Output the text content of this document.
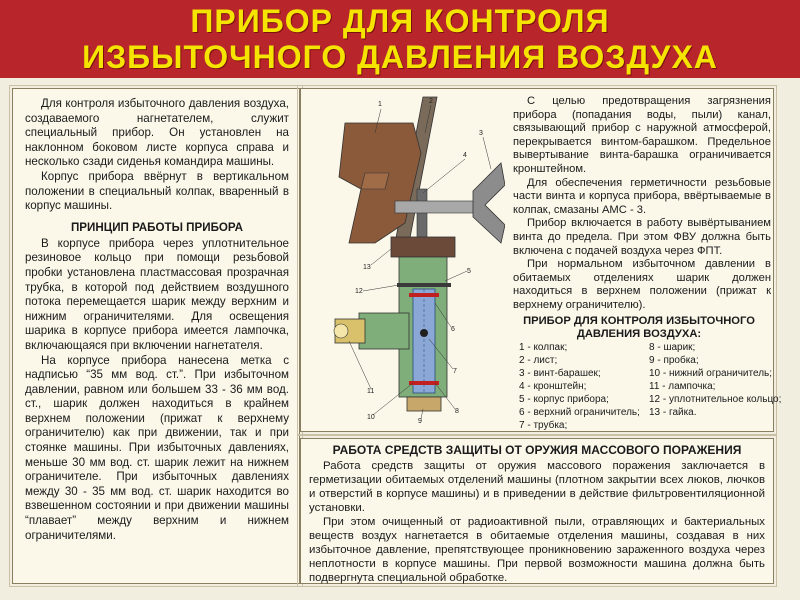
ПРИБОР ДЛЯ КОНТРОЛЯ
ИЗБЫТОЧНОГО ДАВЛЕНИЯ ВОЗДУХА

Для контроля избыточного давления воздуха, создаваемого нагнетателем, служит специальный прибор. Он установлен на наклонном боковом листе корпуса справа и несколько сзади сиденья командира машины.

Корпус прибора ввёрнут в вертикальном положении в специальный колпак, вваренный в корпус машины.

ПРИНЦИП РАБОТЫ ПРИБОРА

В корпусе прибора через уплотнительное резиновое кольцо при помощи резьбовой пробки установлена пластмассовая прозрачная трубка, в которой под действием воздушного потока перемещается шарик между верхним и нижним ограничителями. Для освещения шарика в корпусе прибора имеется лампочка, включающаяся при включении нагнетателя.

На корпусе прибора нанесена метка с надписью “35 мм вод. ст.”. При избыточном давлении, равном или большем 33 - 36 мм вод. ст., шарик должен находиться в крайнем верхнем положении (прижат к верхнему ограничителю) как при движении, так и при стоянке машины. При избыточных давлениях, меньше 30 мм вод. ст. шарик лежит на нижнем ограничителе. При избыточных давлениях между 30 - 35 мм вод. ст. шарик находится во взвешенном состоянии и при движении машины “плавает” между верхним и нижнем ограничителями.

1	2
3
4
5
6
7
8
9
10
11
12
13

С целью предотвращения загрязнения прибора (попадания воды, пыли) канал, связывающий прибор с наружной атмосферой, перекрывается винтом-барашком. Предельное вывертывание винта-барашка ограничивается кронштейном.

Для обеспечения герметичности резьбовые части винта и корпуса прибора, ввёртываемые в колпак, смазаны АМС - 3.

Прибор включается в работу вывёртыванием винта до предела. При этом ФВУ должна быть включена с подачей воздуха через ФПТ.

При нормальном избыточном давлении в обитаемых отделениях шарик должен находиться в верхнем положении (прижат к верхнему ограничителю).

ПРИБОР ДЛЯ КОНТРОЛЯ ИЗБЫТОЧНОГО ДАВЛЕНИЯ ВОЗДУХА:
1 - колпак;
2 - лист;
3 - винт-барашек;
4 - кронштейн;
5 - корпус прибора;
6 - верхний ограничитель;
7 - трубка;
8 - шарик;
9 - пробка;
10 - нижний ограничитель;
11 - лампочка;
12 - уплотнительное кольцо;
13 - гайка.
РАБОТА СРЕДСТВ ЗАЩИТЫ ОТ ОРУЖИЯ МАССОВОГО ПОРАЖЕНИЯ

Работа средств защиты от оружия массового поражения заключается в герметизации обитаемых отделений машины (плотном закрытии всех люков, лючков и отверстий в корпусе машины) и в приведении в действие фильтровентиляционной установки.

При этом очищенный от радиоактивной пыли, отравляющих и бактериальных веществ воздух нагнетается в обитаемые отделения машины, создавая в них избыточное давление, препятствующее проникновению зараженного воздуха через неплотности в корпусе машины. При первой возможности машина должна быть подвергнута специальной обработке.
